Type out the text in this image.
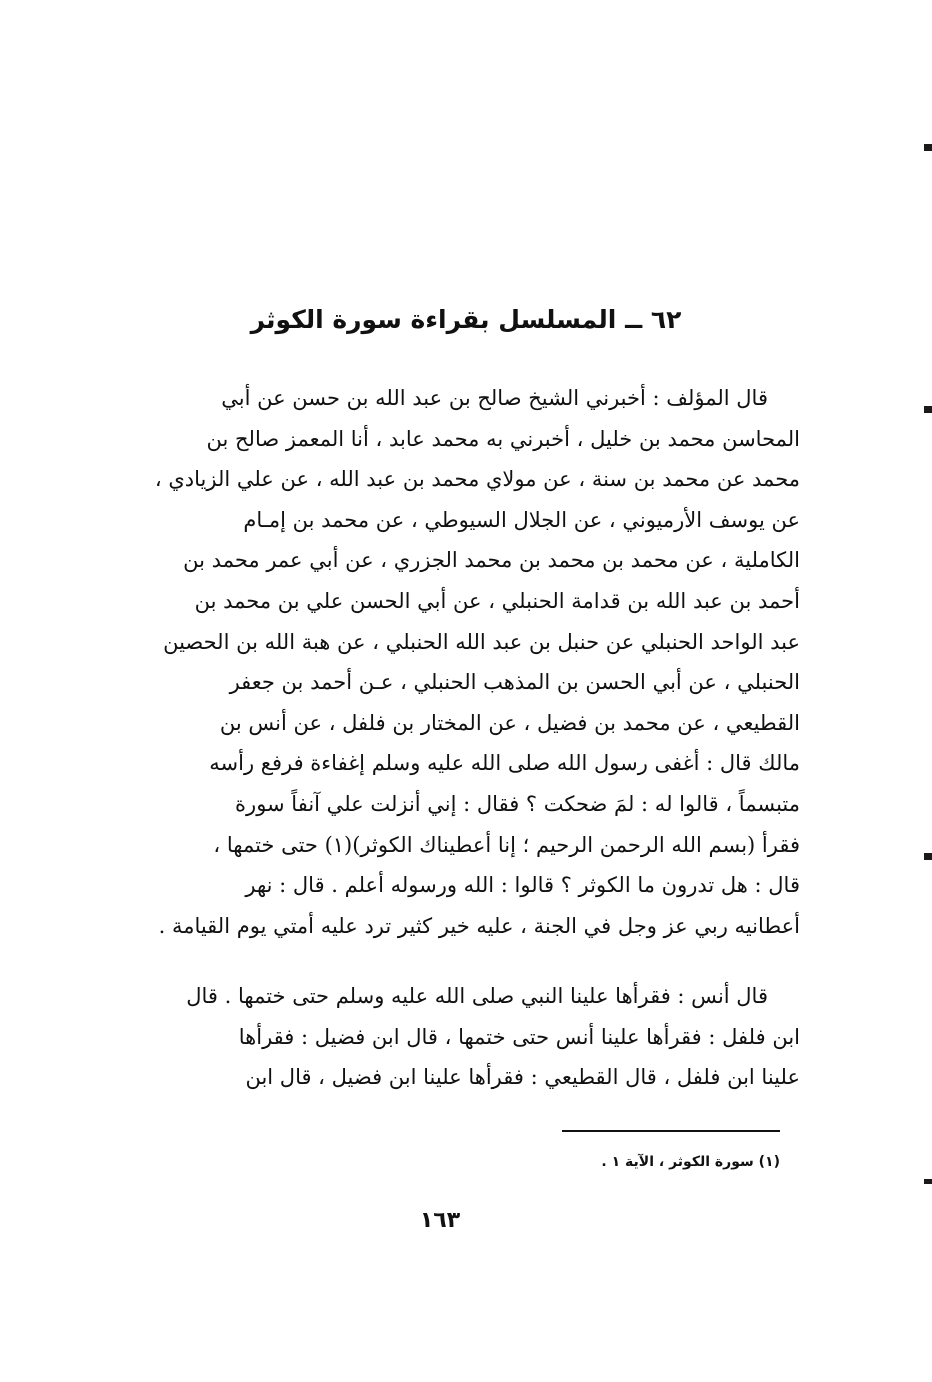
٦٢ ــ المسلسل بقراءة سورة الكوثر
قال المؤلف : أخبرني الشيخ صالح بن عبد الله بن حسن عن أبي
المحاسن محمد بن خليل ، أخبرني به محمد عابد ، أنا المعمز صالح بن
محمد عن محمد بن سنة ، عن مولاي محمد بن عبد الله ، عن علي الزيادي ،
عن يوسف الأرميوني ، عن الجلال السيوطي ، عن محمد بن إمـام
الكاملية ، عن محمد بن محمد بن محمد الجزري ، عن أبي عمر محمد بن
أحمد بن عبد الله بن قدامة الحنبلي ، عن أبي الحسن علي بن محمد بن
عبد الواحد الحنبلي عن حنبل بن عبد الله الحنبلي ، عن هبة الله بن الحصين
الحنبلي ، عن أبي الحسن بن المذهب الحنبلي ، عـن أحمد بن جعفر
القطيعي ، عن محمد بن فضيل ، عن المختار بن فلفل ، عن أنس بن
مالك قال : أغفى رسول الله صلى الله عليه وسلم إغفاءة فرفع رأسه
متبسماً ، قالوا له : لمَ ضحكت ؟ فقال : إني أنزلت علي آنفاً سورة
فقرأ (بسم الله الرحمن الرحيم ؛ إنا أعطيناك الكوثر)(١) حتى ختمها ،
قال : هل تدرون ما الكوثر ؟ قالوا : الله ورسوله أعلم . قال : نهر
أعطانيه ربي عز وجل في الجنة ، عليه خير كثير ترد عليه أمتي يوم القيامة .
قال أنس : فقرأها علينا النبي صلى الله عليه وسلم حتى ختمها . قال
ابن فلفل : فقرأها علينا أنس حتى ختمها ، قال ابن فضيل : فقرأها
علينا ابن فلفل ، قال القطيعي : فقرأها علينا ابن فضيل ، قال ابن
(١) سورة الكوثر ، الآية ١ .
١٦٣
